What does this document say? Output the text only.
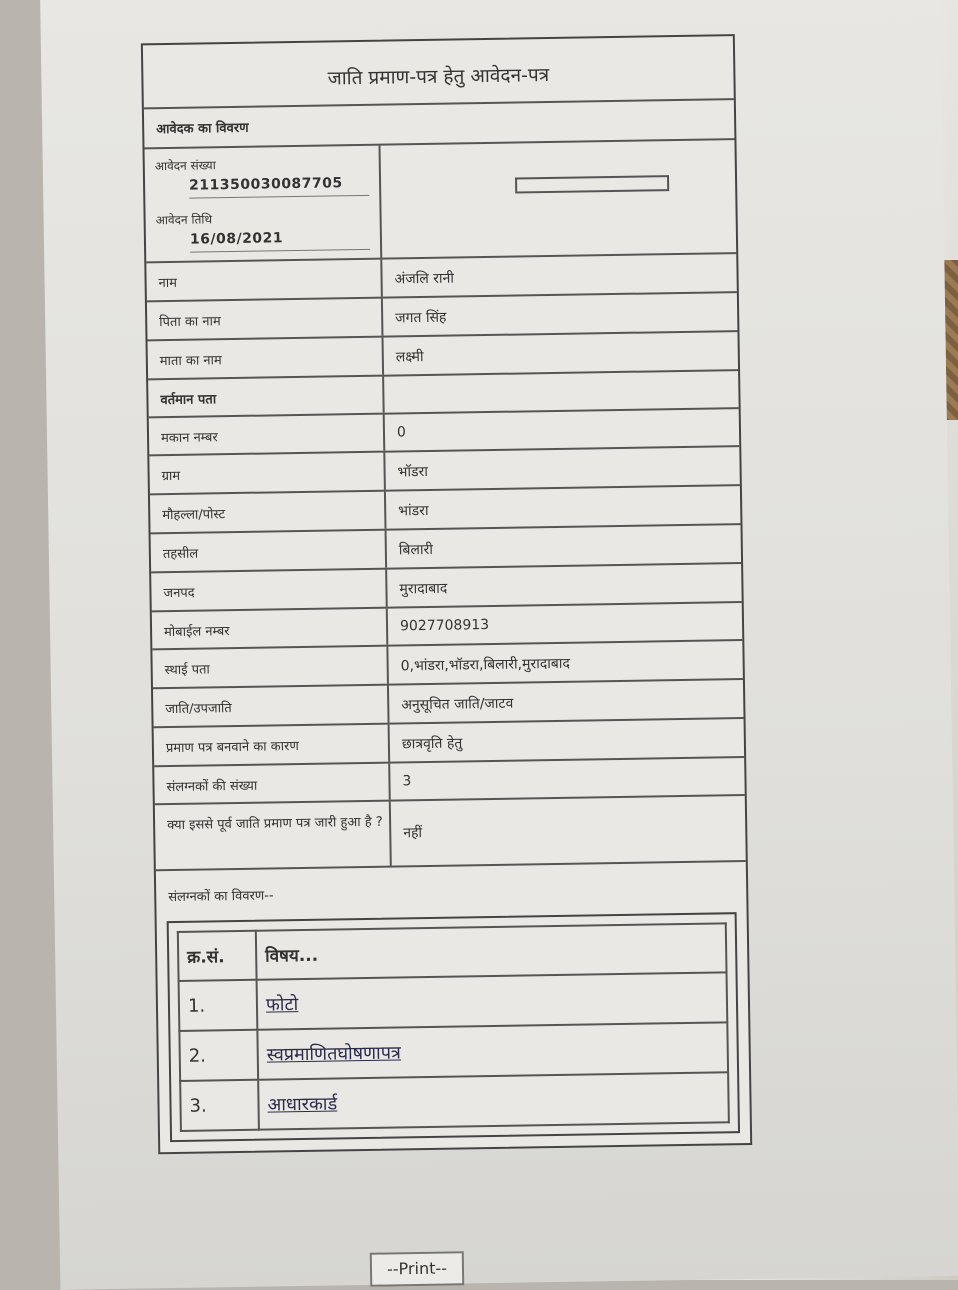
जाति प्रमाण-पत्र हेतु आवेदन-पत्र
आवेदक का विवरण
आवेदन संख्या
211350030087705
आवेदन तिथि
16/08/2021
नाम	अंजलि रानी
पिता का नाम	जगत सिंह
माता का नाम	लक्ष्मी
वर्तमान पता
मकान नम्बर	0
ग्राम	भॉडरा
मौहल्ला/पोस्ट	भांडरा
तहसील	बिलारी
जनपद	मुरादाबाद
मोबाईल नम्बर	9027708913
स्थाई पता	0,भांडरा,भॉडरा,बिलारी,मुरादाबाद
जाति/उपजाति	अनुसूचित जाति/जाटव
प्रमाण पत्र बनवाने का कारण	छात्रवृति हेतु
संलग्नकों की संख्या	3
क्या इससे पूर्व जाति प्रमाण पत्र जारी हुआ है ?
नहीं
संलग्नकों का विवरण--
क्र.सं.	विषय...
1.	फोटो
2.	स्वप्रमाणितघोषणापत्र
3.	आधारकार्ड
--Print--
